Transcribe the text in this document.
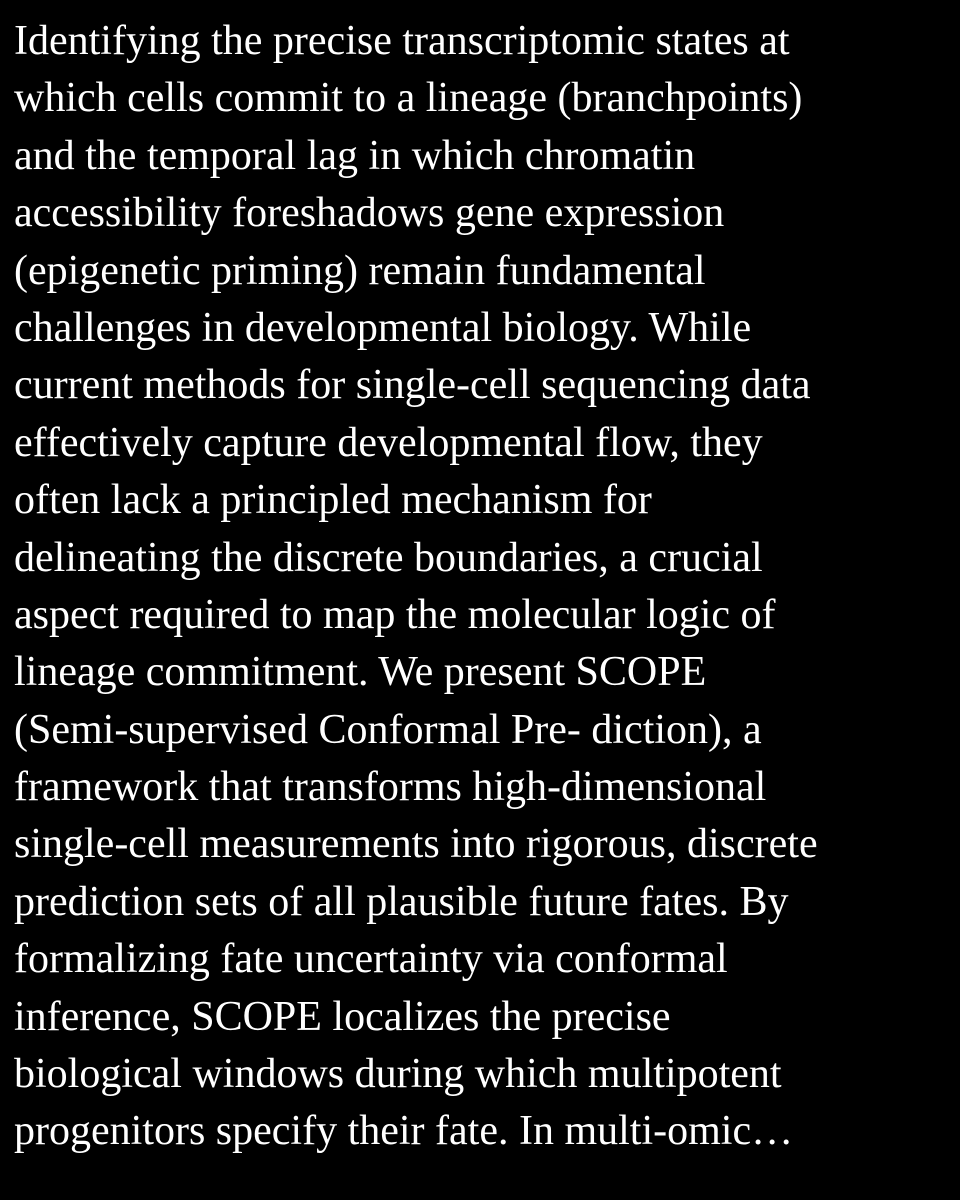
Identifying the precise transcriptomic states at
which cells commit to a lineage (branchpoints)
and the temporal lag in which chromatin
accessibility foreshadows gene expression
(epigenetic priming) remain fundamental
challenges in developmental biology. While
current methods for single-cell sequencing data
effectively capture developmental flow, they
often lack a principled mechanism for
delineating the discrete boundaries, a crucial
aspect required to map the molecular logic of
lineage commitment. We present SCOPE
(Semi-supervised Conformal Pre- diction), a
framework that transforms high-dimensional
single-cell measurements into rigorous, discrete
prediction sets of all plausible future fates. By
formalizing fate uncertainty via conformal
inference, SCOPE localizes the precise
biological windows during which multipotent
progenitors specify their fate. In multi-omic…
